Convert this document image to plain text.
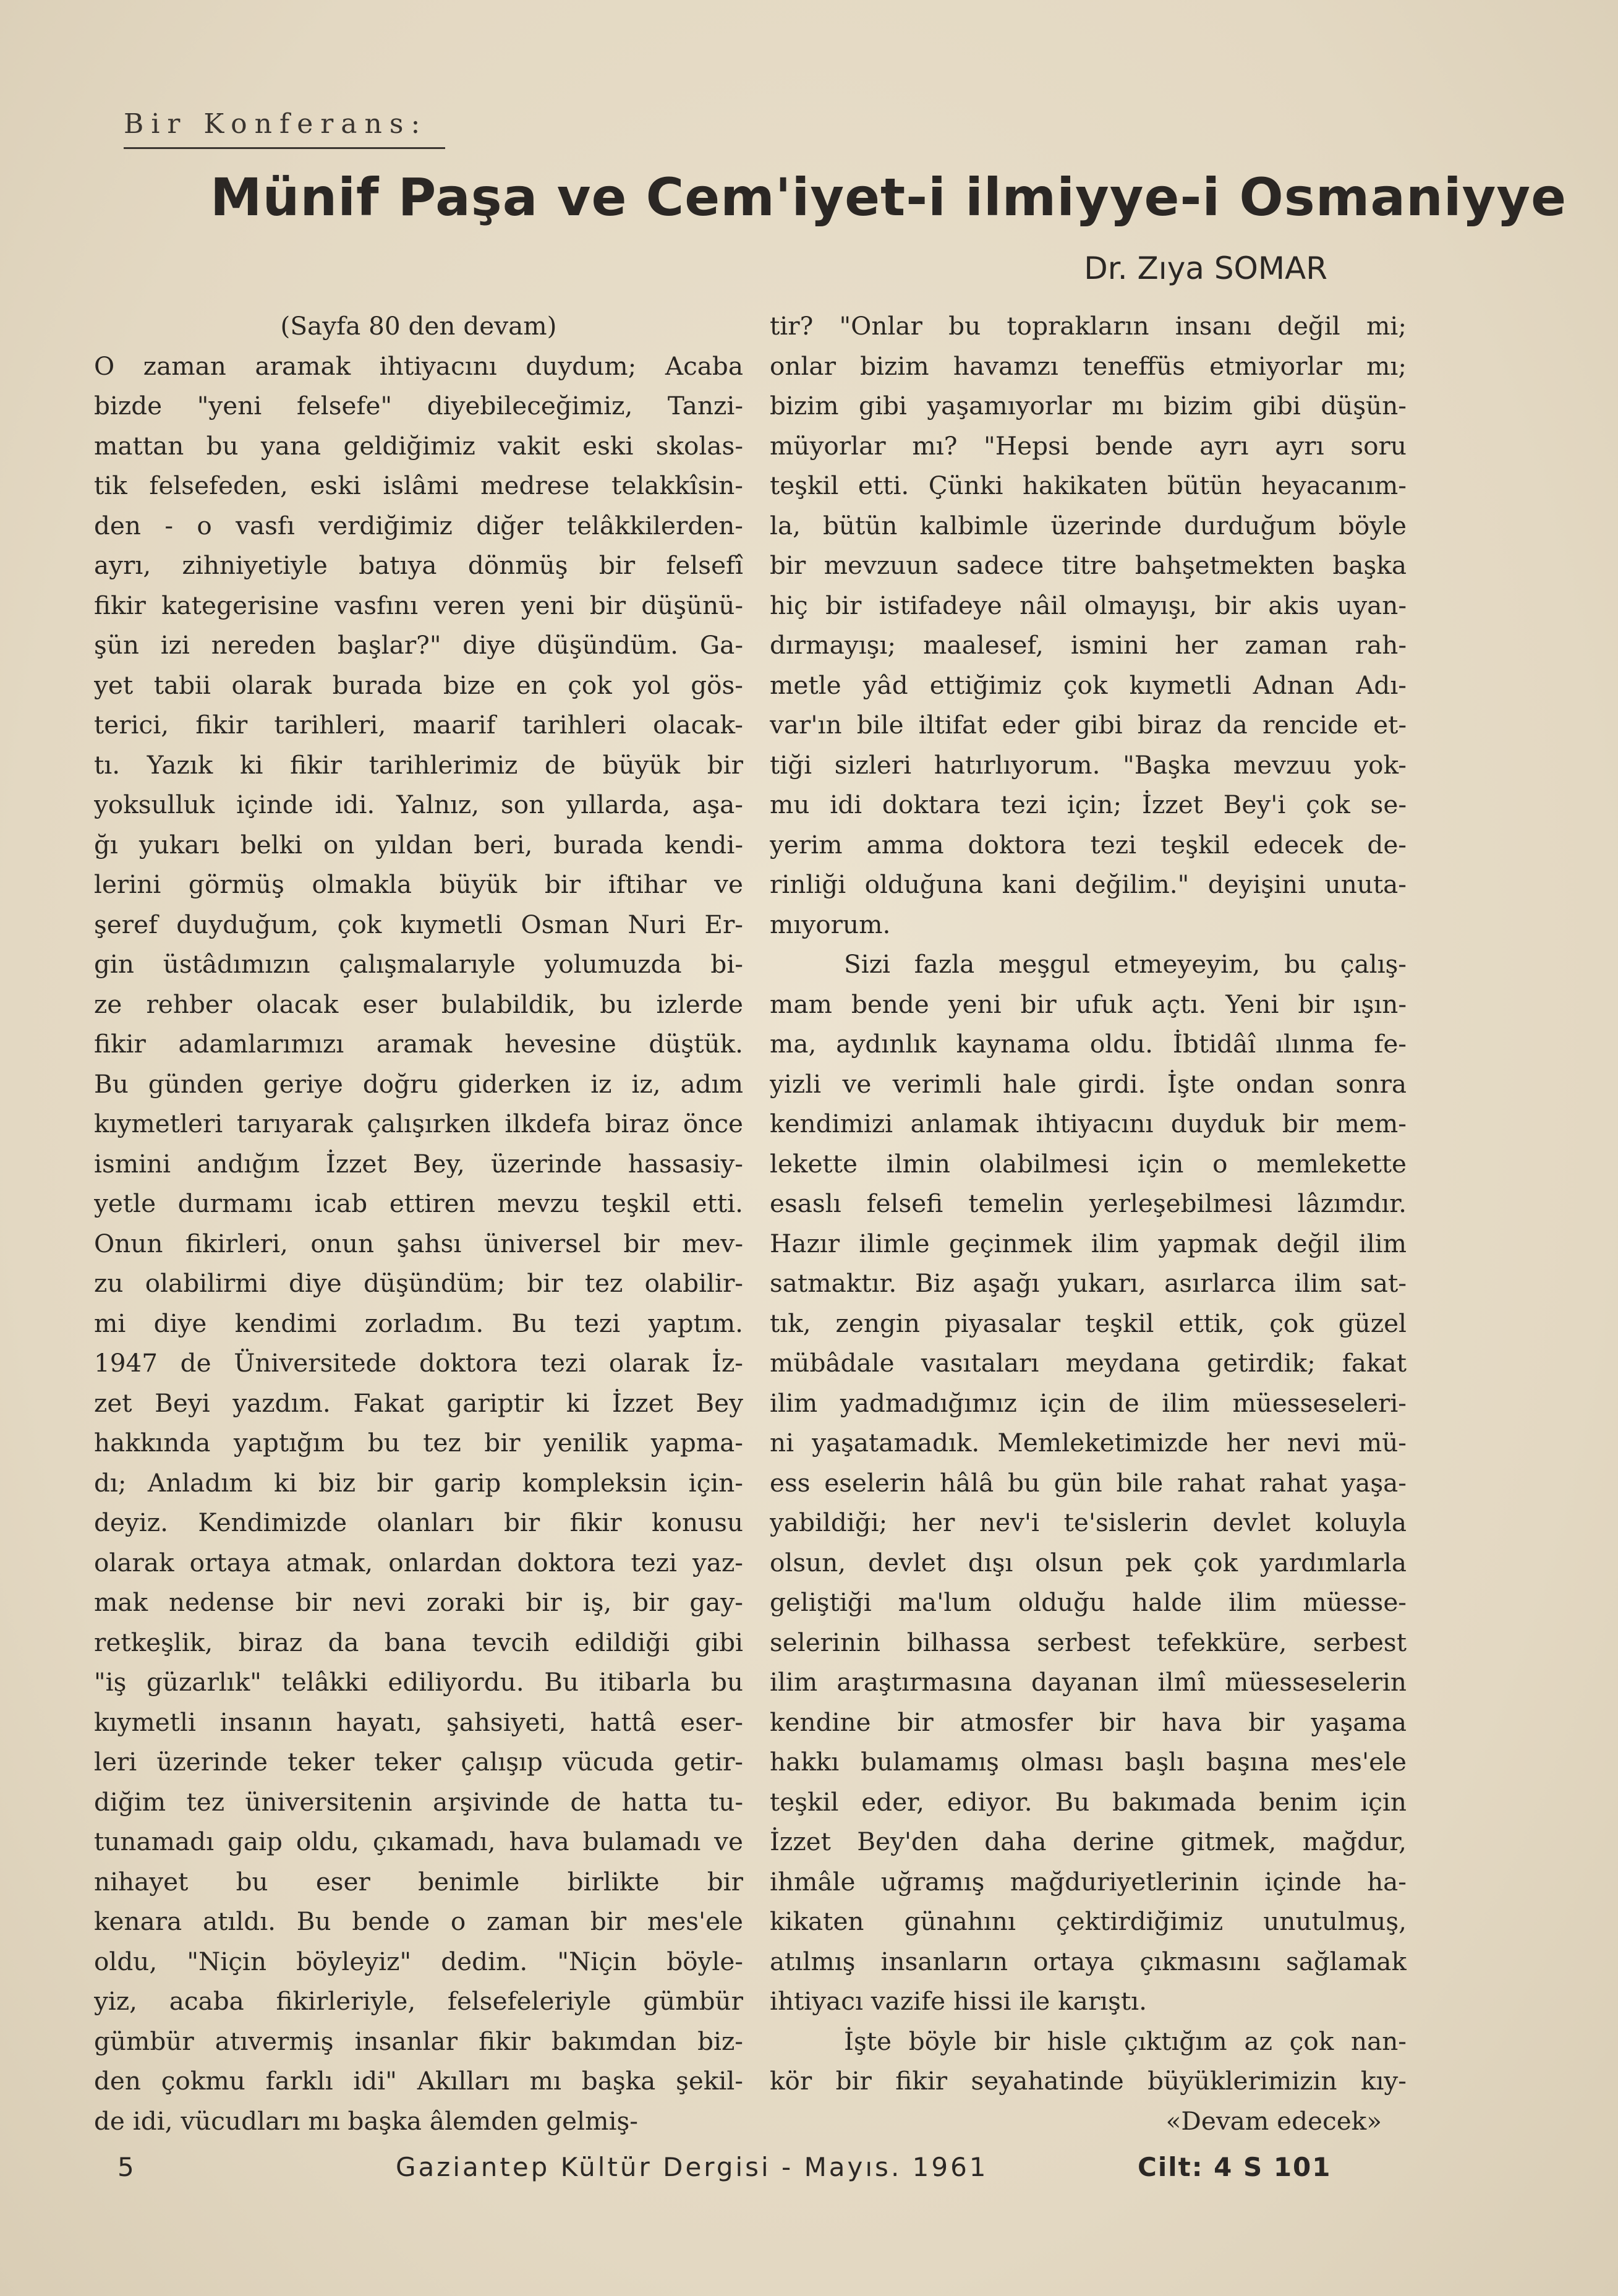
Bir Konferans:
Münif Paşa ve Cem'iyet-i ilmiyye-i Osmaniyye
Dr. Zıya SOMAR
(Sayfa 80 den devam)
O zaman aramak ihtiyacını duydum; Acaba
bizde "yeni felsefe" diyebileceğimiz, Tanzi-
mattan bu yana geldiğimiz vakit eski skolas-
tik felsefeden, eski islâmi medrese telakkîsin-
den - o vasfı verdiğimiz diğer telâkkilerden-
ayrı, zihniyetiyle batıya dönmüş bir felsefî
fikir kategerisine vasfını veren yeni bir düşünü-
şün izi nereden başlar?" diye düşündüm. Ga-
yet tabii olarak burada bize en çok yol gös-
terici, fikir tarihleri, maarif tarihleri olacak-
tı. Yazık ki fikir tarihlerimiz de büyük bir
yoksulluk içinde idi. Yalnız, son yıllarda, aşa-
ğı yukarı belki on yıldan beri, burada kendi-
lerini görmüş olmakla büyük bir iftihar ve
şeref duyduğum, çok kıymetli Osman Nuri Er-
gin üstâdımızın çalışmalarıyle yolumuzda bi-
ze rehber olacak eser bulabildik, bu izlerde
fikir adamlarımızı aramak hevesine düştük.
Bu günden geriye doğru giderken iz iz, adım
kıymetleri tarıyarak çalışırken ilkdefa biraz önce
ismini andığım İzzet Bey, üzerinde hassasiy-
yetle durmamı icab ettiren mevzu teşkil etti.
Onun fikirleri, onun şahsı üniversel bir mev-
zu olabilirmi diye düşündüm; bir tez olabilir-
mi diye kendimi zorladım. Bu tezi yaptım.
1947 de Üniversitede doktora tezi olarak İz-
zet Beyi yazdım. Fakat gariptir ki İzzet Bey
hakkında yaptığım bu tez bir yenilik yapma-
dı; Anladım ki biz bir garip kompleksin için-
deyiz. Kendimizde olanları bir fikir konusu
olarak ortaya atmak, onlardan doktora tezi yaz-
mak nedense bir nevi zoraki bir iş, bir gay-
retkeşlik, biraz da bana tevcih edildiği gibi
"iş güzarlık" telâkki ediliyordu. Bu itibarla bu
kıymetli insanın hayatı, şahsiyeti, hattâ eser-
leri üzerinde teker teker çalışıp vücuda getir-
diğim tez üniversitenin arşivinde de hatta tu-
tunamadı gaip oldu, çıkamadı, hava bulamadı ve
nihayet bu eser benimle birlikte bir
kenara atıldı. Bu bende o zaman bir mes'ele
oldu, "Niçin böyleyiz" dedim. "Niçin böyle-
yiz, acaba fikirleriyle, felsefeleriyle gümbür
gümbür atıvermiş insanlar fikir bakımdan biz-
den çokmu farklı idi" Akılları mı başka şekil-
de idi, vücudları mı başka âlemden gelmiş-
tir? "Onlar bu toprakların insanı değil mi;
onlar bizim havamzı teneffüs etmiyorlar mı;
bizim gibi yaşamıyorlar mı bizim gibi düşün-
müyorlar mı? "Hepsi bende ayrı ayrı soru
teşkil etti. Çünki hakikaten bütün heyacanım-
la, bütün kalbimle üzerinde durduğum böyle
bir mevzuun sadece titre bahşetmekten başka
hiç bir istifadeye nâil olmayışı, bir akis uyan-
dırmayışı; maalesef, ismini her zaman rah-
metle yâd ettiğimiz çok kıymetli Adnan Adı-
var'ın bile iltifat eder gibi biraz da rencide et-
tiği sizleri hatırlıyorum. "Başka mevzuu yok-
mu idi doktara tezi için; İzzet Bey'i çok se-
yerim amma doktora tezi teşkil edecek de-
rinliği olduğuna kani değilim." deyişini unuta-
mıyorum.
Sizi fazla meşgul etmeyeyim, bu çalış-
mam bende yeni bir ufuk açtı. Yeni bir ışın-
ma, aydınlık kaynama oldu. İbtidâî ılınma fe-
yizli ve verimli hale girdi. İşte ondan sonra
kendimizi anlamak ihtiyacını duyduk bir mem-
lekette ilmin olabilmesi için o memlekette
esaslı felsefi temelin yerleşebilmesi lâzımdır.
Hazır ilimle geçinmek ilim yapmak değil ilim
satmaktır. Biz aşağı yukarı, asırlarca ilim sat-
tık, zengin piyasalar teşkil ettik, çok güzel
mübâdale vasıtaları meydana getirdik; fakat
ilim yadmadığımız için de ilim müesseseleri-
ni yaşatamadık. Memleketimizde her nevi mü-
ess eselerin hâlâ bu gün bile rahat rahat yaşa-
yabildiği; her nev'i te'sislerin devlet koluyla
olsun, devlet dışı olsun pek çok yardımlarla
geliştiği ma'lum olduğu halde ilim müesse-
selerinin bilhassa serbest tefekküre, serbest
ilim araştırmasına dayanan ilmî müesseselerin
kendine bir atmosfer bir hava bir yaşama
hakkı bulamamış olması başlı başına mes'ele
teşkil eder, ediyor. Bu bakımada benim için
İzzet Bey'den daha derine gitmek, mağdur,
ihmâle uğramış mağduriyetlerinin içinde ha-
kikaten günahını çektirdiğimiz unutulmuş,
atılmış insanların ortaya çıkmasını sağlamak
ihtiyacı vazife hissi ile karıştı.
İşte böyle bir hisle çıktığım az çok nan-
kör bir fikir seyahatinde büyüklerimizin kıy-
«Devam edecek»
5	Gaziantep Kültür Dergisi - Mayıs. 1961	Cilt: 4 S 101
